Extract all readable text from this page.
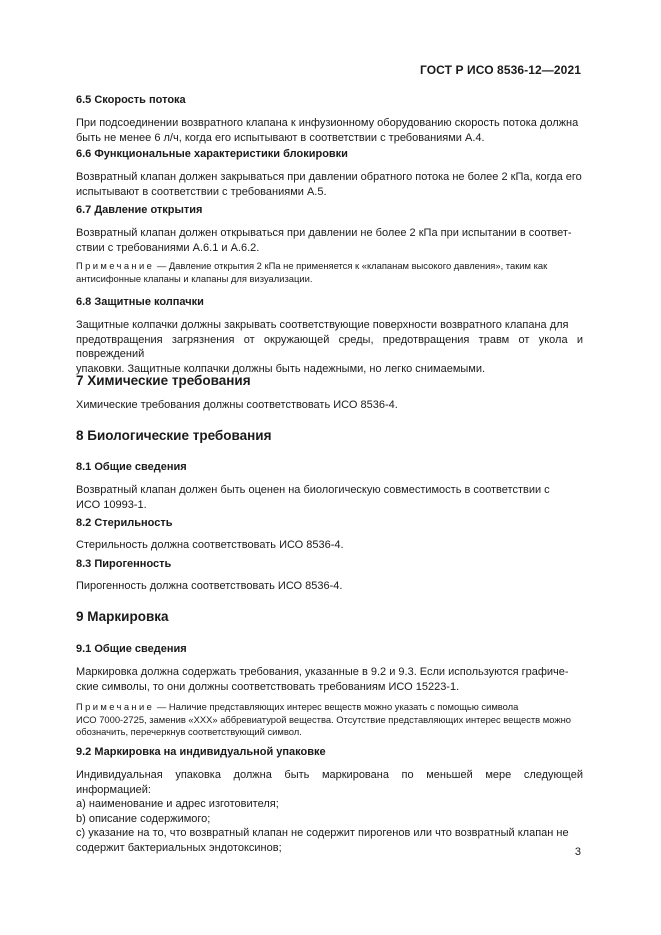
ГОСТ Р ИСО 8536-12—2021

6.5 Скорость потока

При подсоединении возвратного клапана к инфузионному оборудованию скорость потока должна

быть не менее 6 л/ч, когда его испытывают в соответствии с требованиями А.4.

6.6 Функциональные характеристики блокировки

Возвратный клапан должен закрываться при давлении обратного потока не более 2 кПа, когда его

испытывают в соответствии с требованиями А.5.

6.7 Давление открытия

Возвратный клапан должен открываться при давлении не более 2 кПа при испытании в соответ-

ствии с требованиями А.6.1 и А.6.2.

Примечание — Давление открытия 2 кПа не применяется к «клапанам высокого давления», таким как

антисифонные клапаны и клапаны для визуализации.

6.8 Защитные колпачки

Защитные колпачки должны закрывать соответствующие поверхности возвратного клапана для

предотвращения загрязнения от окружающей среды, предотвращения травм от укола и повреждений

упаковки. Защитные колпачки должны быть надежными, но легко снимаемыми.

7 Химические требования

Химические требования должны соответствовать ИСО 8536-4.

8 Биологические требования

8.1 Общие сведения

Возвратный клапан должен быть оценен на биологическую совместимость в соответствии с

ИСО 10993-1.

8.2 Стерильность

Стерильность должна соответствовать ИСО 8536-4.

8.3 Пирогенность

Пирогенность должна соответствовать ИСО 8536-4.

9 Маркировка

9.1 Общие сведения

Маркировка должна содержать требования, указанные в 9.2 и 9.3. Если используются графиче-

ские символы, то они должны соответствовать требованиям ИСО 15223-1.

Примечание — Наличие представляющих интерес веществ можно указать с помощью символа

ИСО 7000-2725, заменив «XXX» аббревиатурой вещества. Отсутствие представляющих интерес веществ можно

обозначить, перечеркнув соответствующий символ.

9.2 Маркировка на индивидуальной упаковке

Индивидуальная упаковка должна быть маркирована по меньшей мере следующей информацией:

a) наименование и адрес изготовителя;

b) описание содержимого;

c) указание на то, что возвратный клапан не содержит пирогенов или что возвратный клапан не

содержит бактериальных эндотоксинов;	3
